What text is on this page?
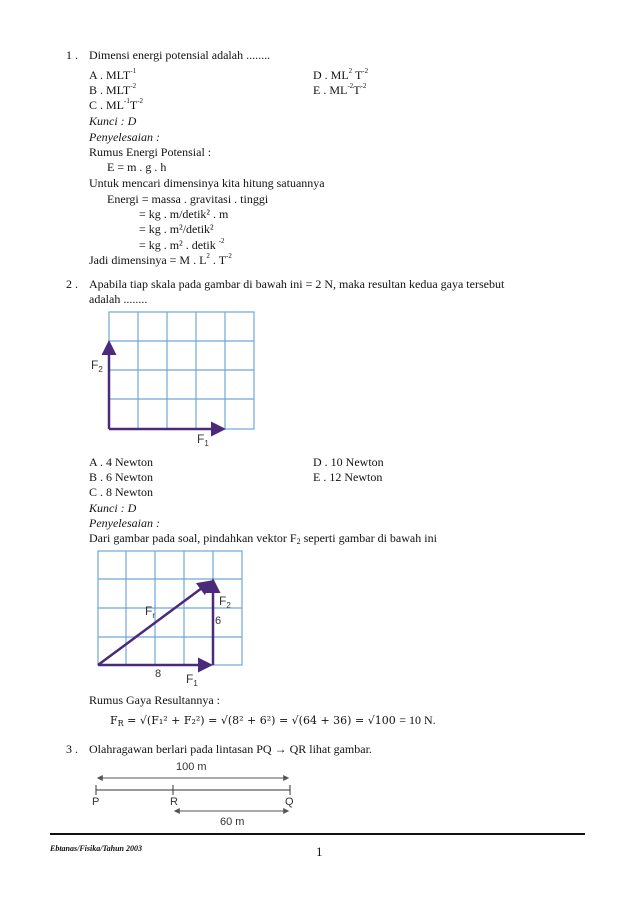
1 . Dimensi energi potensial adalah ........
A . $MLT^{-1}$
B . $MLT^{-2}$
C . $ML^{-1}T^{-2}$
D . $ML^2$ $T^{-2}$
E . $ML^{-2}T^{-2}$
Kunci : D
Penyelesaian :
Rumus Energi Potensial :
E = m . g . h
Untuk mencari dimensinya kita hitung satuannya
Energi = massa . gravitasi . tinggi
= kg . m/detik² . m
= kg . m²/detik²
= kg . m² . detik $^{-2}$
Jadi dimensinya = M . $L^2$ . $T^{-2}$
2 . Apabila tiap skala pada gambar di bawah ini = 2 N, maka resultan kedua gaya tersebut
adalah ........
$F_2$
$F_1$
A . 4 Newton
B . 6 Newton
C . 8 Newton
D . 10 Newton
E . 12 Newton
Kunci : D
Penyelesaian :
Dari gambar pada soal, pindahkan vektor $F_2$ seperti gambar di bawah ini
$F_r$
$F_2$
6
8 $F_1$
Rumus Gaya Resultannya :
$F_R = √(F_1^2 + F_2^2) = √(8^2 + 6^2) = √(64 + 36) = √100 = 10$ N.
3 . Olahragawan berlari pada lintasan PQ → QR lihat gambar.
100 m
P	R	Q
60 m
Ebtanas/Fisika/Tahun 2003	1
